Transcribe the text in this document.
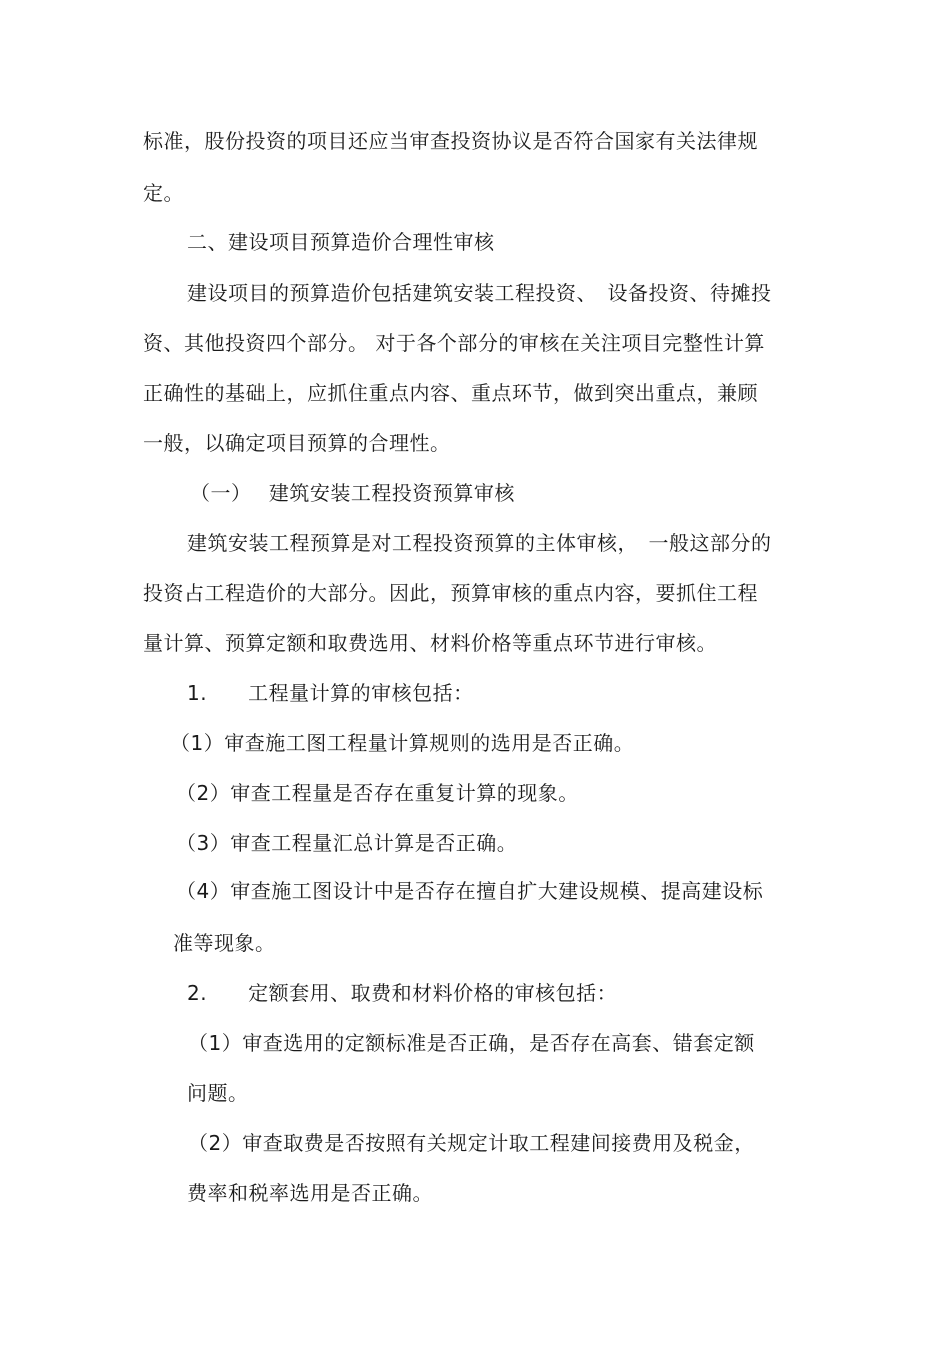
标准，股份投资的项目还应当审查投资协议是否符合国家有关法律规
定。
二、建设项目预算造价合理性审核
建设项目的预算造价包括建筑安装工程投资、　设备投资、待摊投
资、其他投资四个部分。 对于各个部分的审核在关注项目完整性计算
正确性的基础上，应抓住重点内容、重点环节，做到突出重点，兼顾
一般，以确定项目预算的合理性。
（一）　 建筑安装工程投资预算审核
建筑安装工程预算是对工程投资预算的主体审核，　一般这部分的
投资占工程造价的大部分。因此，预算审核的重点内容，要抓住工程
量计算、预算定额和取费选用、材料价格等重点环节进行审核。
1.　　工程量计算的审核包括：
（1）审查施工图工程量计算规则的选用是否正确。
（2）审查工程量是否存在重复计算的现象。
（3）审查工程量汇总计算是否正确。
（4）审查施工图设计中是否存在擅自扩大建设规模、提高建设标
准等现象。
2.　　定额套用、取费和材料价格的审核包括：
（1）审查选用的定额标准是否正确，是否存在高套、错套定额
问题。
（2）审查取费是否按照有关规定计取工程建间接费用及税金，
费率和税率选用是否正确。
